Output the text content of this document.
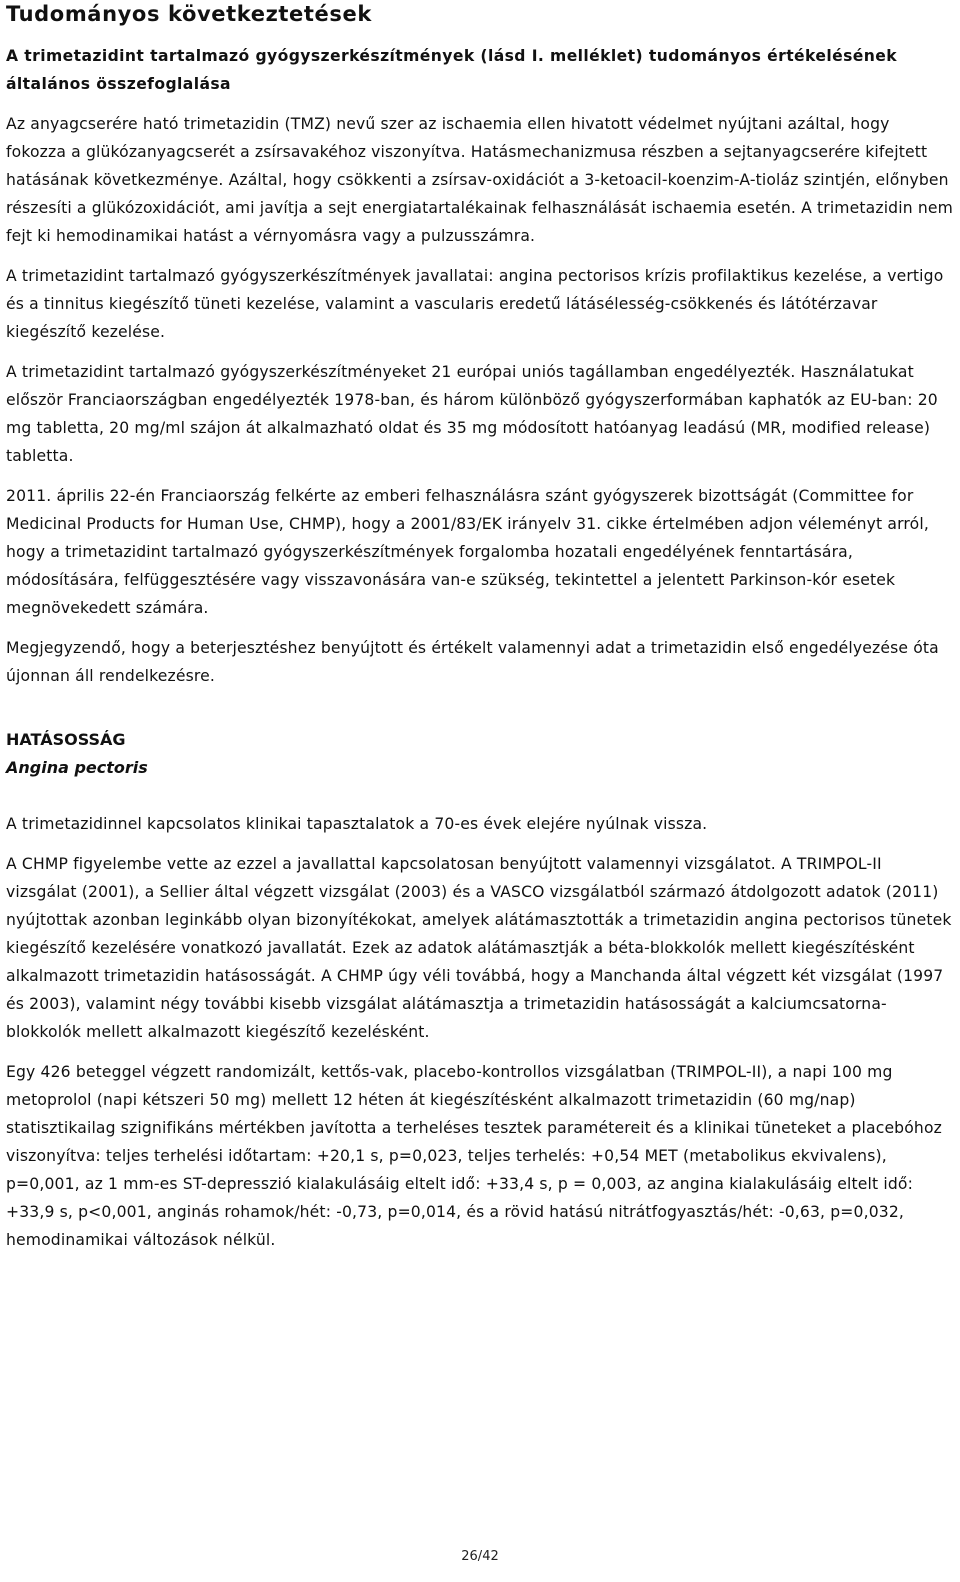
Tudományos következtetések

A trimetazidint tartalmazó gyógyszerkészítmények (lásd I. melléklet) tudományos értékelésének általános összefoglalása

Az anyagcserére ható trimetazidin (TMZ) nevű szer az ischaemia ellen hivatott védelmet nyújtani azáltal, hogy fokozza a glükózanyagcserét a zsírsavakéhoz viszonyítva. Hatásmechanizmusa részben a sejtanyagcserére kifejtett hatásának következménye. Azáltal, hogy csökkenti a zsírsav-oxidációt a 3-ketoacil-koenzim-A-tioláz szintjén, előnyben részesíti a glükózoxidációt, ami javítja a sejt energiatartalékainak felhasználását ischaemia esetén. A trimetazidin nem fejt ki hemodinamikai hatást a vérnyomásra vagy a pulzusszámra.

A trimetazidint tartalmazó gyógyszerkészítmények javallatai: angina pectorisos krízis profilaktikus kezelése, a vertigo és a tinnitus kiegészítő tüneti kezelése, valamint a vascularis eredetű látásélesség-csökkenés és látótérzavar kiegészítő kezelése.

A trimetazidint tartalmazó gyógyszerkészítményeket 21 európai uniós tagállamban engedélyezték. Használatukat először Franciaországban engedélyezték 1978-ban, és három különböző gyógyszerformában kaphatók az EU-ban: 20 mg tabletta, 20 mg/ml szájon át alkalmazható oldat és 35 mg módosított hatóanyag leadású (MR, modified release) tabletta.

2011. április 22-én Franciaország felkérte az emberi felhasználásra szánt gyógyszerek bizottságát (Committee for Medicinal Products for Human Use, CHMP), hogy a 2001/83/EK irányelv 31. cikke értelmében adjon véleményt arról, hogy a trimetazidint tartalmazó gyógyszerkészítmények forgalomba hozatali engedélyének fenntartására, módosítására, felfüggesztésére vagy visszavonására van-e szükség, tekintettel a jelentett Parkinson-kór esetek megnövekedett számára.

Megjegyzendő, hogy a beterjesztéshez benyújtott és értékelt valamennyi adat a trimetazidin első engedélyezése óta újonnan áll rendelkezésre.

HATÁSOSSÁG
Angina pectoris

A trimetazidinnel kapcsolatos klinikai tapasztalatok a 70-es évek elejére nyúlnak vissza.

A CHMP figyelembe vette az ezzel a javallattal kapcsolatosan benyújtott valamennyi vizsgálatot. A TRIMPOL-II vizsgálat (2001), a Sellier által végzett vizsgálat (2003) és a VASCO vizsgálatból származó átdolgozott adatok (2011) nyújtottak azonban leginkább olyan bizonyítékokat, amelyek alátámasztották a trimetazidin angina pectorisos tünetek kiegészítő kezelésére vonatkozó javallatát. Ezek az adatok alátámasztják a béta-blokkolók mellett kiegészítésként alkalmazott trimetazidin hatásosságát. A CHMP úgy véli továbbá, hogy a Manchanda által végzett két vizsgálat (1997 és 2003), valamint négy további kisebb vizsgálat alátámasztja a trimetazidin hatásosságát a kalciumcsatorna-blokkolók mellett alkalmazott kiegészítő kezelésként.

Egy 426 beteggel végzett randomizált, kettős-vak, placebo-kontrollos vizsgálatban (TRIMPOL-II), a napi 100 mg metoprolol (napi kétszeri 50 mg) mellett 12 héten át kiegészítésként alkalmazott trimetazidin (60 mg/nap) statisztikailag szignifikáns mértékben javította a terheléses tesztek paramétereit és a klinikai tüneteket a placebóhoz viszonyítva: teljes terhelési időtartam: +20,1 s, p=0,023, teljes terhelés: +0,54 MET (metabolikus ekvivalens), p=0,001, az 1 mm-es ST-depresszió kialakulásáig eltelt idő: +33,4 s, p = 0,003, az angina kialakulásáig eltelt idő: +33,9 s, p<0,001, anginás rohamok/hét: -0,73, p=0,014, és a rövid hatású nitrátfogyasztás/hét: -0,63, p=0,032, hemodinamikai változások nélkül.

26/42
